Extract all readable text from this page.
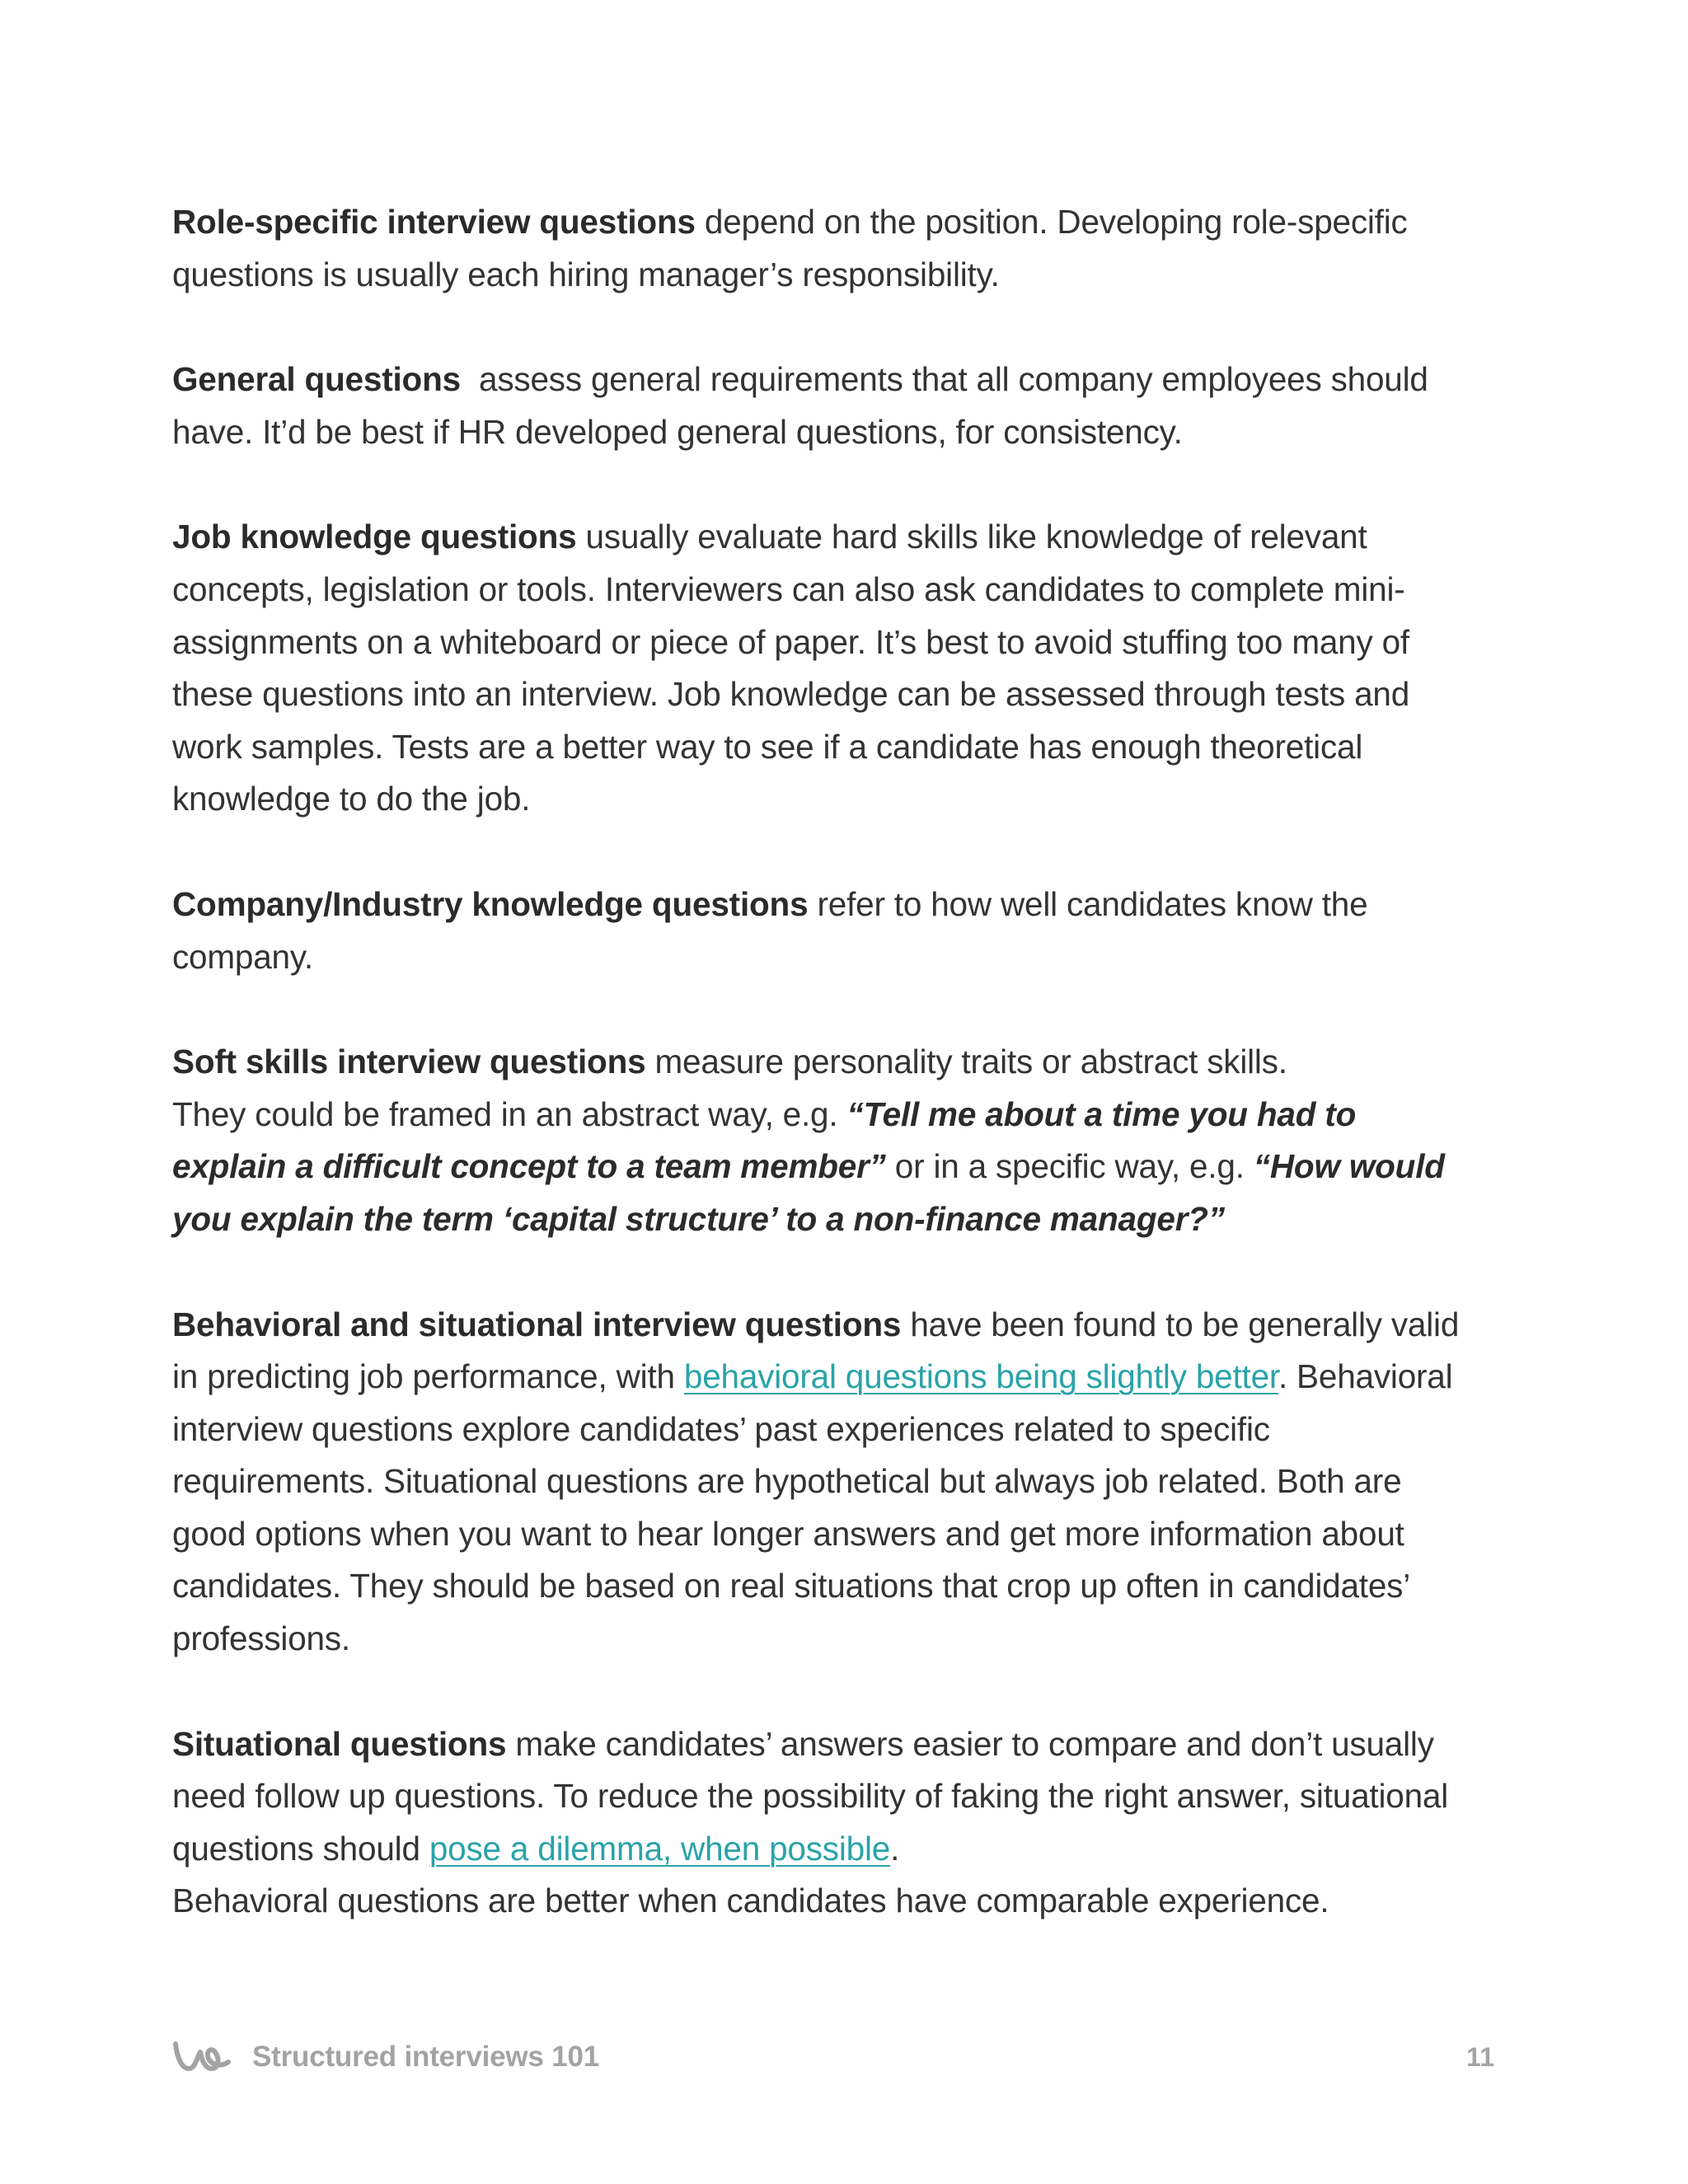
Role-specific interview questions depend on the position. Developing role-specific questions is usually each hiring manager’s responsibility.

General questions  assess general requirements that all company employees should have. It’d be best if HR developed general questions, for consistency.

Job knowledge questions usually evaluate hard skills like knowledge of relevant concepts, legislation or tools. Interviewers can also ask candidates to complete mini-assignments on a whiteboard or piece of paper. It’s best to avoid stuffing too many of these questions into an interview. Job knowledge can be assessed through tests and work samples. Tests are a better way to see if a candidate has enough theoretical knowledge to do the job.

Company/Industry knowledge questions refer to how well candidates know the company.

Soft skills interview questions measure personality traits or abstract skills.
They could be framed in an abstract way, e.g. “Tell me about a time you had to explain a difficult concept to a team member” or in a specific way, e.g. “How would you explain the term ‘capital structure’ to a non-finance manager?”

Behavioral and situational interview questions have been found to be generally valid in predicting job performance, with behavioral questions being slightly better. Behavioral interview questions explore candidates’ past experiences related to specific requirements. Situational questions are hypothetical but always job related. Both are good options when you want to hear longer answers and get more information about candidates. They should be based on real situations that crop up often in candidates’ professions.

Situational questions make candidates’ answers easier to compare and don’t usually need follow up questions. To reduce the possibility of faking the right answer, situational questions should pose a dilemma, when possible.
Behavioral questions are better when candidates have comparable experience.

Structured interviews 101	11
